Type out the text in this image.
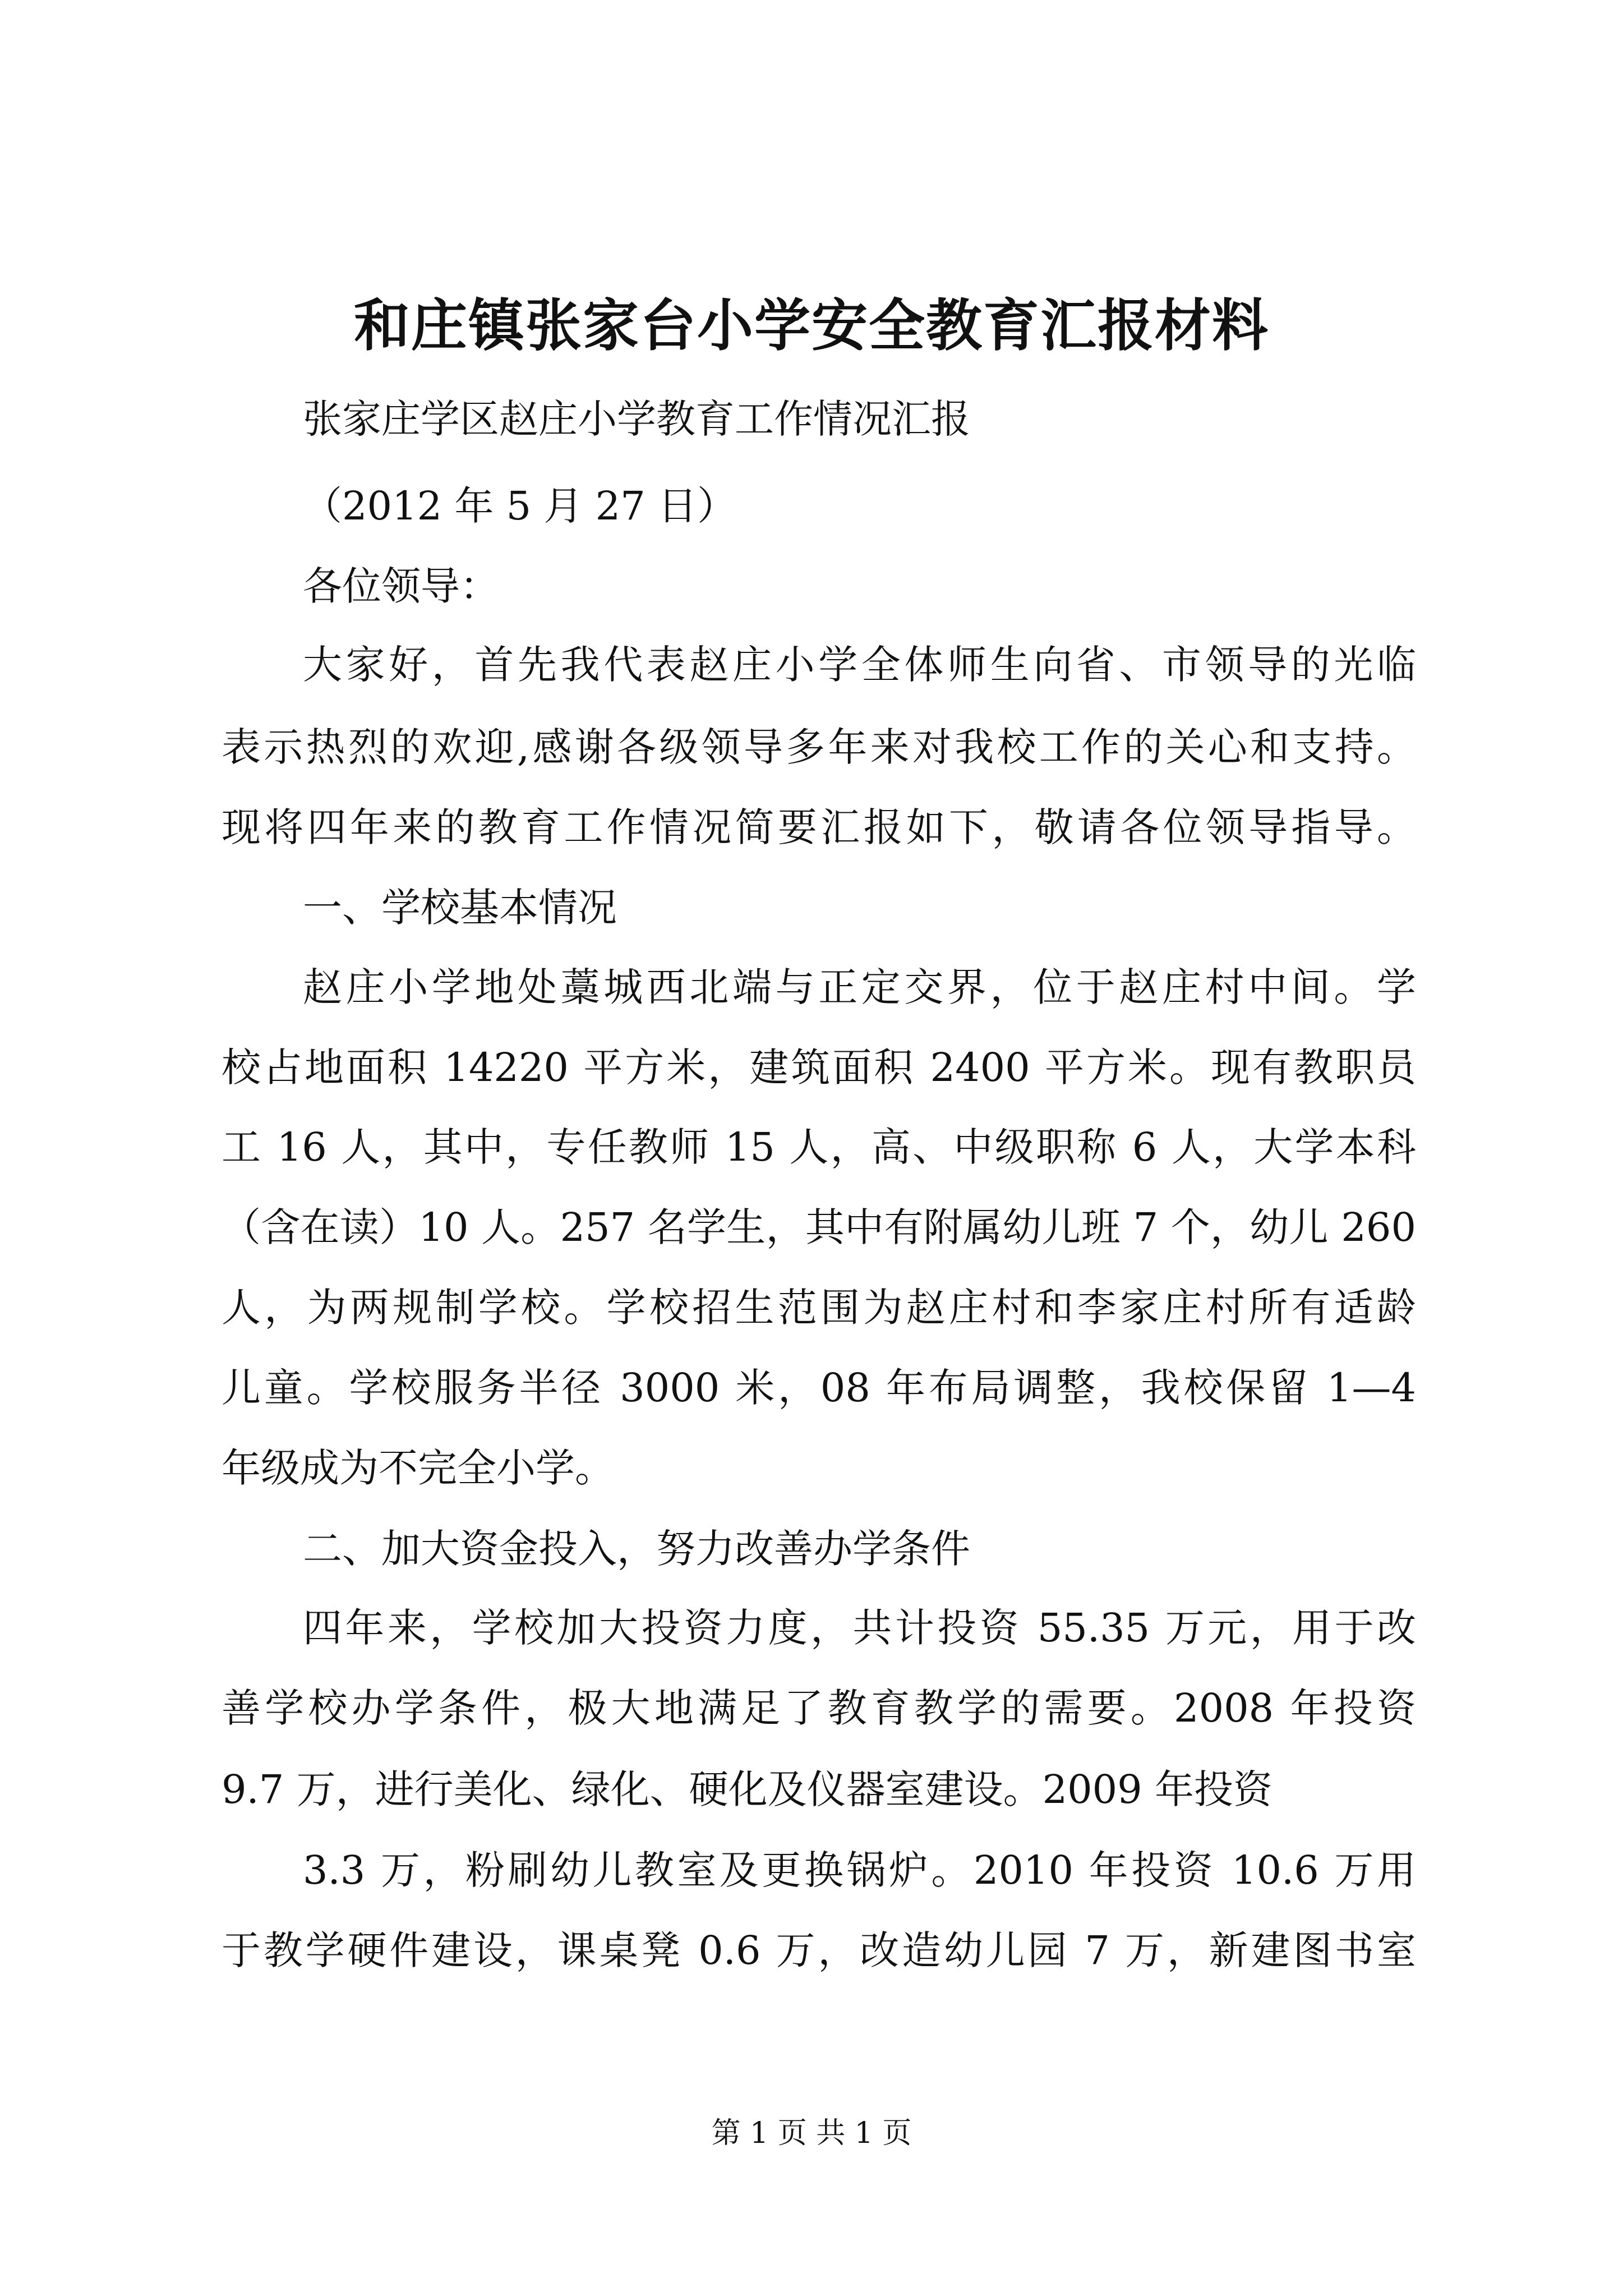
和庄镇张家台小学安全教育汇报材料
张家庄学区赵庄小学教育工作情况汇报
（2012 年 5 月 27 日）
各位领导：
大家好，首先我代表赵庄小学全体师生向省、市领导的光临
表示热烈的欢迎,感谢各级领导多年来对我校工作的关心和支持。
现将四年来的教育工作情况简要汇报如下，敬请各位领导指导。
一、学校基本情况
赵庄小学地处藁城西北端与正定交界，位于赵庄村中间。学
校占地面积 14220 平方米，建筑面积 2400 平方米。现有教职员
工 16 人，其中，专任教师 15 人，高、中级职称 6 人，大学本科
（含在读）10 人。257 名学生，其中有附属幼儿班 7 个，幼儿 260
人，为两规制学校。学校招生范围为赵庄村和李家庄村所有适龄
儿童。学校服务半径 3000 米，08 年布局调整，我校保留 1—4
年级成为不完全小学。
二、加大资金投入，努力改善办学条件
四年来，学校加大投资力度，共计投资 55.35 万元，用于改
善学校办学条件，极大地满足了教育教学的需要。2008 年投资
9.7 万，进行美化、绿化、硬化及仪器室建设。2009 年投资
3.3 万，粉刷幼儿教室及更换锅炉。2010 年投资 10.6 万用
于教学硬件建设，课桌凳 0.6 万，改造幼儿园 7 万，新建图书室
第 1 页 共 1 页
